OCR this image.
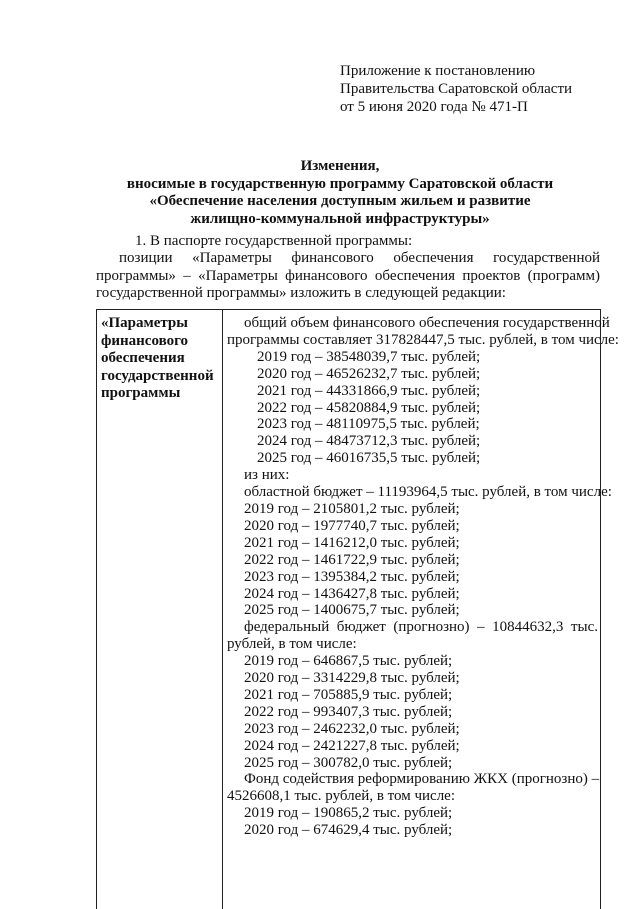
Приложение к постановлению
Правительства Саратовской области
от 5 июня 2020 года № 471-П
Изменения,
вносимые в государственную программу Саратовской области
«Обеспечение населения доступным жильем и развитие
жилищно-коммунальной инфраструктуры»
1. В паспорте государственной программы:
позиции «Параметры финансового обеспечения государственной
программы» – «Параметры финансового обеспечения проектов (программ)
государственной программы» изложить в следующей редакции:
«Параметры
финансового
обеспечения
государственной
программы
общий объем финансового обеспечения государственной
программы составляет 317828447,5 тыс. рублей, в том числе:
2019 год – 38548039,7 тыс. рублей;
2020 год – 46526232,7 тыс. рублей;
2021 год – 44331866,9 тыс. рублей;
2022 год – 45820884,9 тыс. рублей;
2023 год – 48110975,5 тыс. рублей;
2024 год – 48473712,3 тыс. рублей;
2025 год – 46016735,5 тыс. рублей;
из них:
областной бюджет – 11193964,5 тыс. рублей, в том числе:
2019 год – 2105801,2 тыс. рублей;
2020 год – 1977740,7 тыс. рублей;
2021 год – 1416212,0 тыс. рублей;
2022 год – 1461722,9 тыс. рублей;
2023 год – 1395384,2 тыс. рублей;
2024 год – 1436427,8 тыс. рублей;
2025 год – 1400675,7 тыс. рублей;
федеральный бюджет (прогнозно) – 10844632,3 тыс.
рублей, в том числе:
2019 год – 646867,5 тыс. рублей;
2020 год – 3314229,8 тыс. рублей;
2021 год – 705885,9 тыс. рублей;
2022 год – 993407,3 тыс. рублей;
2023 год – 2462232,0 тыс. рублей;
2024 год – 2421227,8 тыс. рублей;
2025 год – 300782,0 тыс. рублей;
Фонд содействия реформированию ЖКХ (прогнозно) –
4526608,1 тыс. рублей, в том числе:
2019 год – 190865,2 тыс. рублей;
2020 год – 674629,4 тыс. рублей;
